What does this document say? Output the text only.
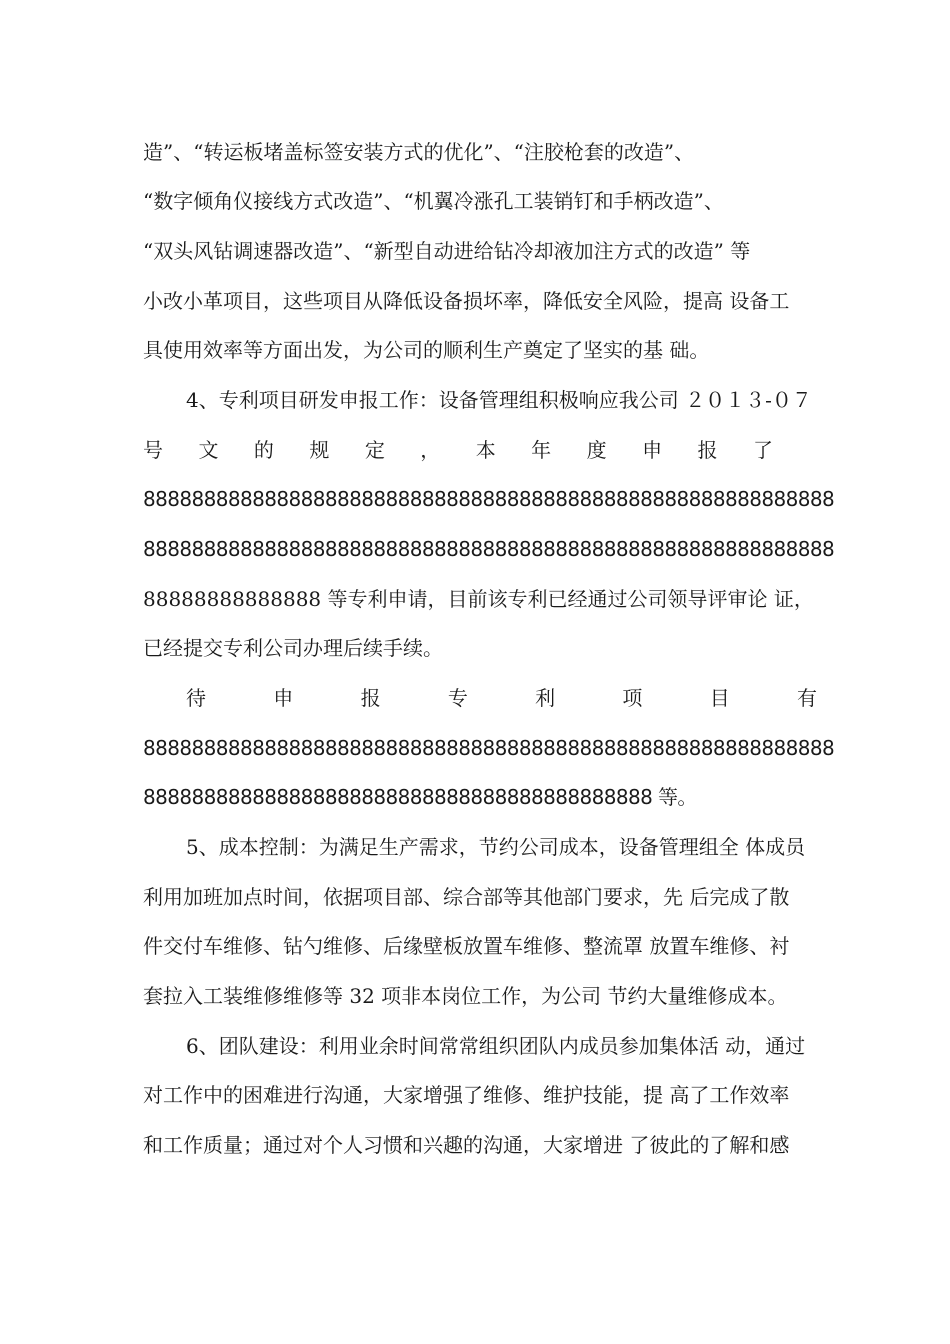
造”、“转运板堵盖标签安装方式的优化”、“注胶枪套的改造”、
“数字倾角仪接线方式改造”、“机翼冷涨孔工装销钉和手柄改造”、
“双头风钻调速器改造”、“新型自动进给钻冷却液加注方式的改造” 等
小改小革项目，这些项目从降低设备损坏率，降低安全风险，提高 设备工
具使用效率等方面出发，为公司的顺利生产奠定了坚实的基 础。
4、专利项目研发申报工作：设备管理组积极响应我公司 ２０１３-０７
号 文 的 规 定 ， 本 年 度 申 报 了
888888888888888888888888888888888888888888888888888888888
888888888888888888888888888888888888888888888888888888888
88888888888888 等专利申请，目前该专利已经通过公司领导评审论 证，
已经提交专利公司办理后续手续。
待	申	报	专	利	项	目	有
888888888888888888888888888888888888888888888888888888888
888888888888888888888888888888888888888888 等。
5、成本控制：为满足生产需求，节约公司成本，设备管理组全 体成员
利用加班加点时间，依据项目部、综合部等其他部门要求，先 后完成了散
件交付车维修、钻勺维修、后缘壁板放置车维修、整流罩 放置车维修、衬
套拉入工装维修维修等 32 项非本岗位工作，为公司 节约大量维修成本。
6、团队建设：利用业余时间常常组织团队内成员参加集体活 动，通过
对工作中的困难进行沟通，大家增强了维修、维护技能，提 高了工作效率
和工作质量；通过对个人习惯和兴趣的沟通，大家增进 了彼此的了解和感
